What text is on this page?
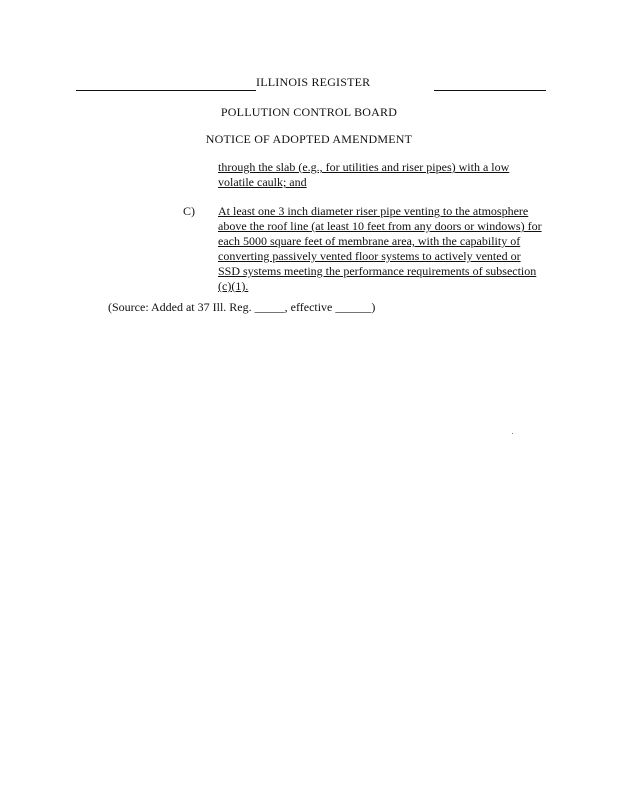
ILLINOIS REGISTER
POLLUTION CONTROL BOARD
NOTICE OF ADOPTED AMENDMENT
through the slab (e.g., for utilities and riser pipes) with a low
volatile caulk; and
C) At least one 3 inch diameter riser pipe venting to the atmosphere
above the roof line (at least 10 feet from any doors or windows) for
each 5000 square feet of membrane area, with the capability of
converting passively vented floor systems to actively vented or
SSD systems meeting the performance requirements of subsection
(c)(1).
(Source: Added at 37 Ill. Reg. _____, effective ______)
